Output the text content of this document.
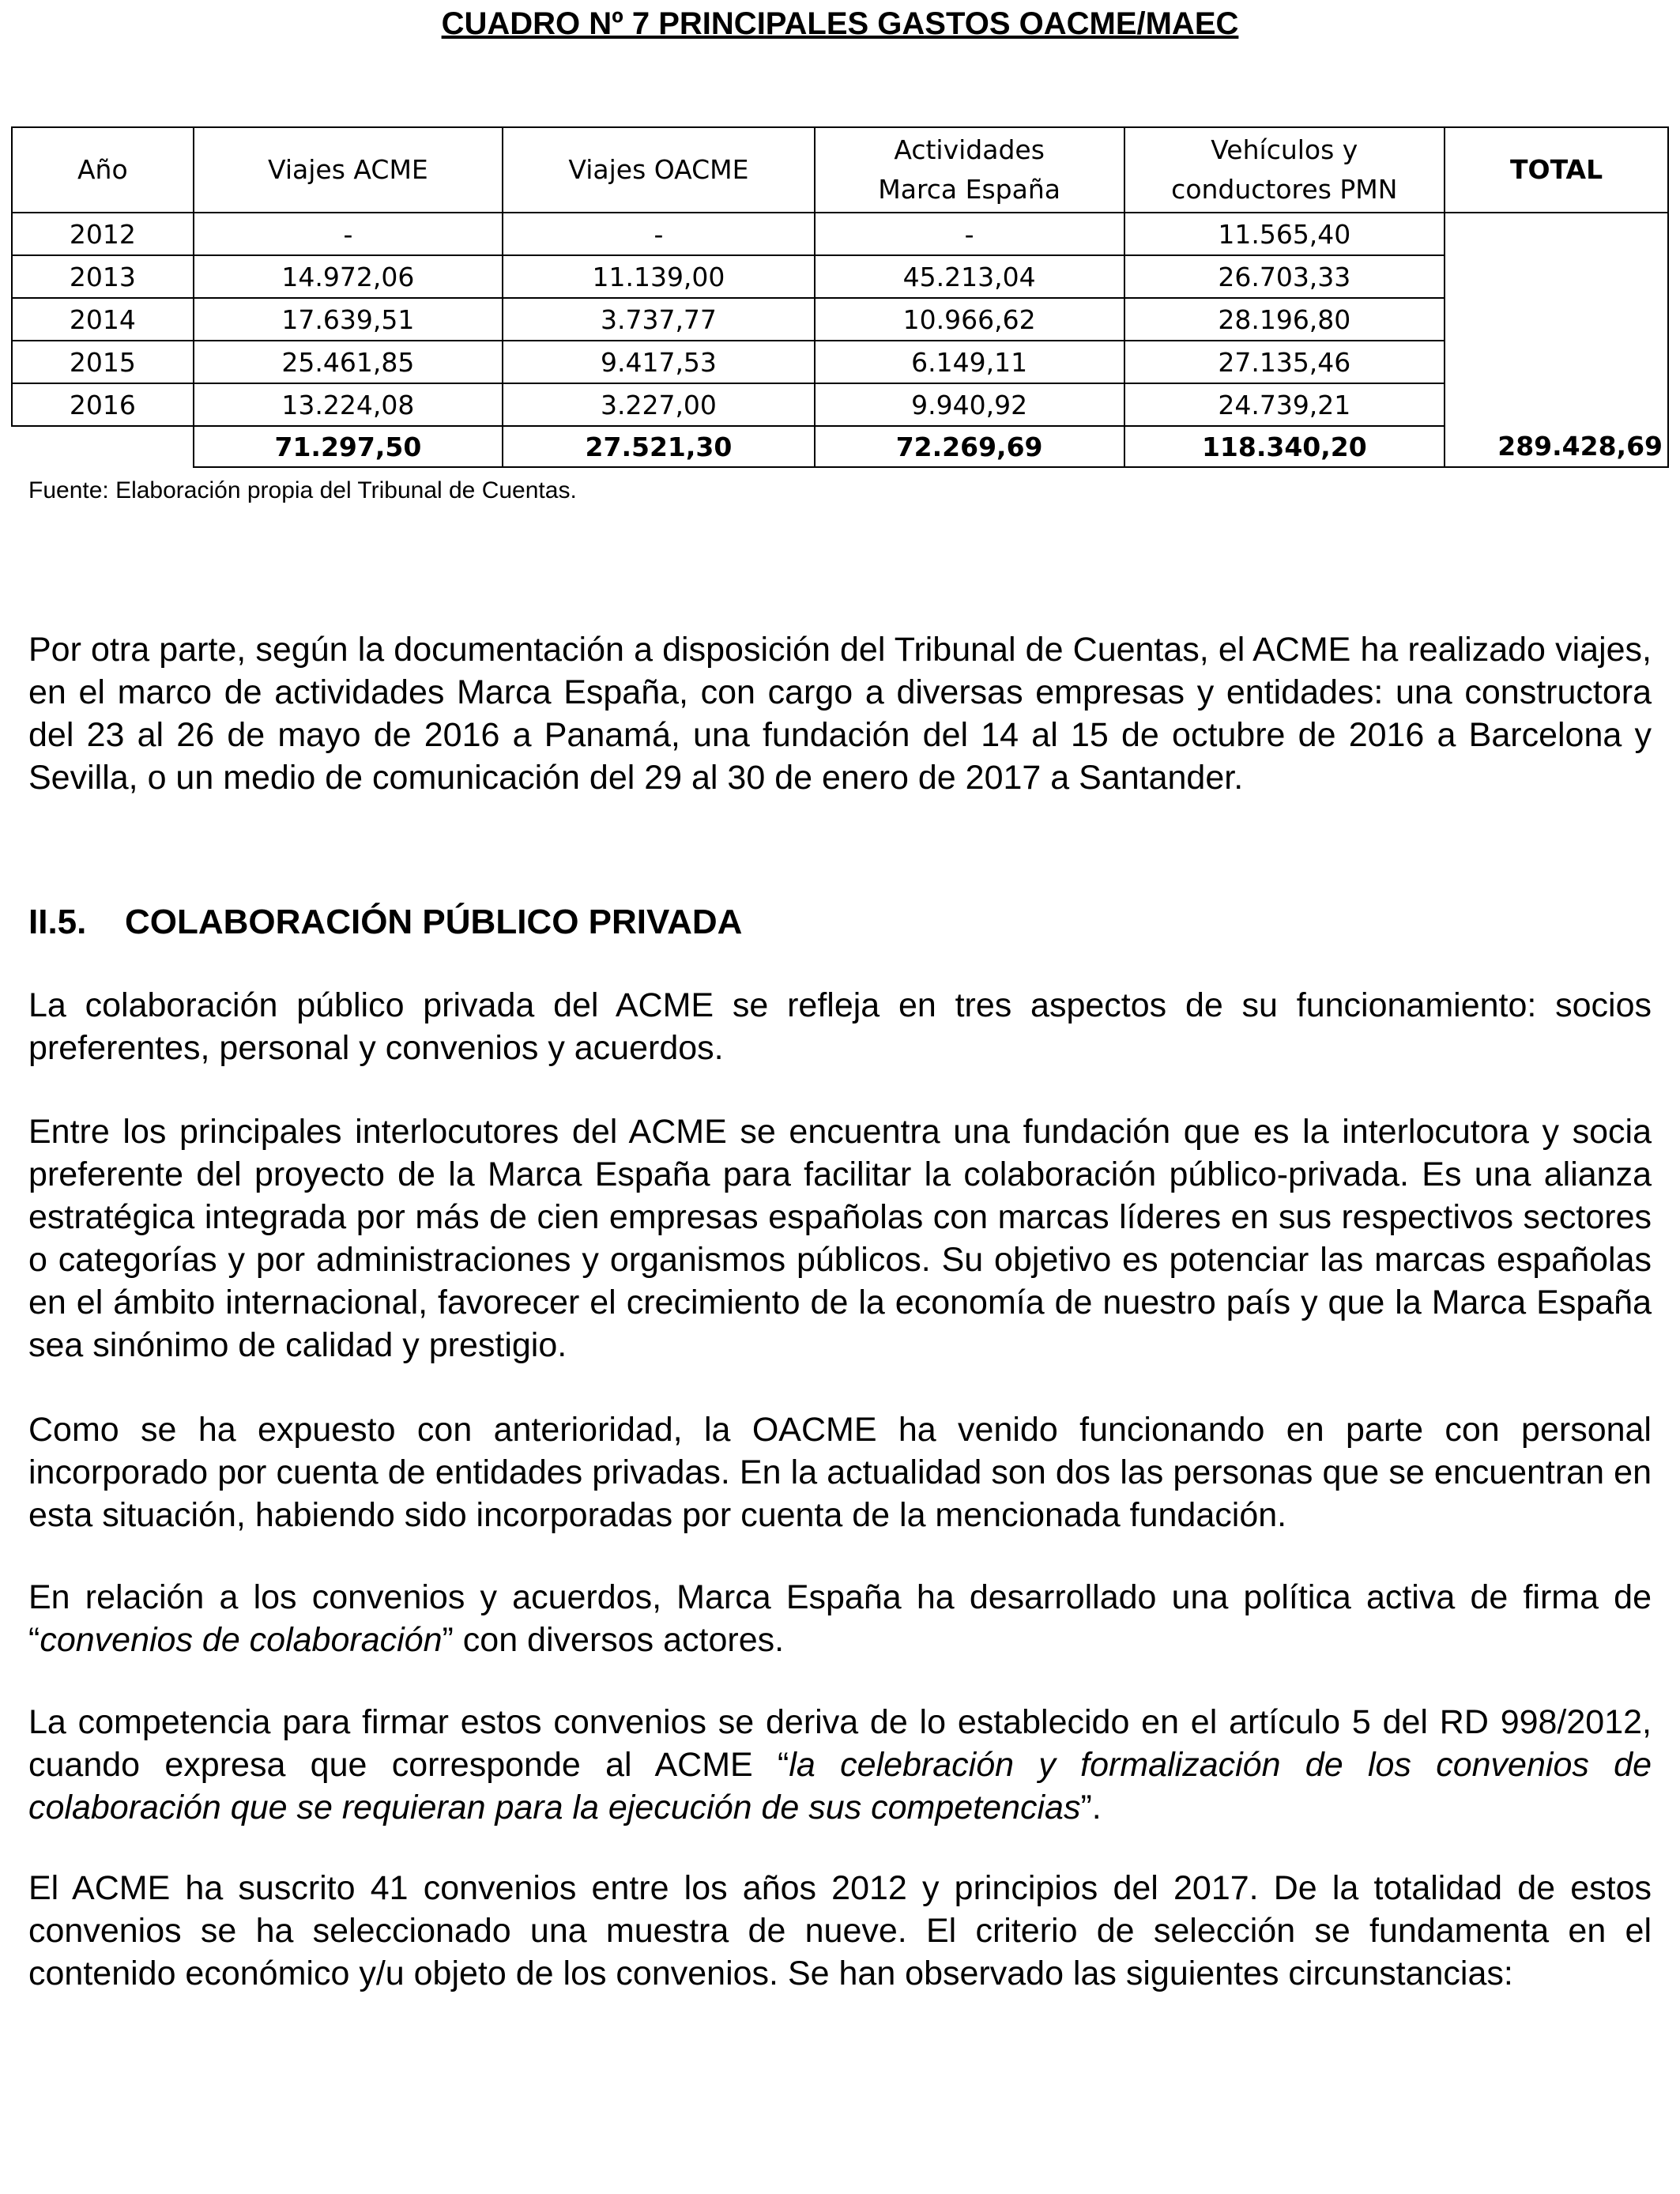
CUADRO Nº 7 PRINCIPALES GASTOS OACME/MAEC
Año	Viajes ACME	Viajes OACME	Actividades Marca España	Vehículos y conductores PMN	TOTAL
2012	-	-	-	11.565,40	
2013	14.972,06	11.139,00	45.213,04	26.703,33	
2014	17.639,51	3.737,77	10.966,62	28.196,80	
2015	25.461,85	9.417,53	6.149,11	27.135,46	
2016	13.224,08	3.227,00	9.940,92	24.739,21	
	71.297,50	27.521,30	72.269,69	118.340,20	289.428,69
Fuente: Elaboración propia del Tribunal de Cuentas.

Por otra parte, según la documentación a disposición del Tribunal de Cuentas, el ACME ha realizado viajes, en el marco de actividades Marca España, con cargo a diversas empresas y entidades: una constructora del 23 al 26 de mayo de 2016 a Panamá, una fundación del 14 al 15 de octubre de 2016 a Barcelona y Sevilla, o un medio de comunicación del 29 al 30 de enero de 2017 a Santander.

II.5. COLABORACIÓN PÚBLICO PRIVADA

La colaboración público privada del ACME se refleja en tres aspectos de su funcionamiento: socios preferentes, personal y convenios y acuerdos.

Entre los principales interlocutores del ACME se encuentra una fundación que es la interlocutora y socia preferente del proyecto de la Marca España para facilitar la colaboración público-privada. Es una alianza estratégica integrada por más de cien empresas españolas con marcas líderes en sus respectivos sectores o categorías y por administraciones y organismos públicos. Su objetivo es potenciar las marcas españolas en el ámbito internacional, favorecer el crecimiento de la economía de nuestro país y que la Marca España sea sinónimo de calidad y prestigio.

Como se ha expuesto con anterioridad, la OACME ha venido funcionando en parte con personal incorporado por cuenta de entidades privadas. En la actualidad son dos las personas que se encuentran en esta situación, habiendo sido incorporadas por cuenta de la mencionada fundación.

En relación a los convenios y acuerdos, Marca España ha desarrollado una política activa de firma de “convenios de colaboración” con diversos actores.

La competencia para firmar estos convenios se deriva de lo establecido en el artículo 5 del RD 998/2012, cuando expresa que corresponde al ACME “la celebración y formalización de los convenios de colaboración que se requieran para la ejecución de sus competencias”.

El ACME ha suscrito 41 convenios entre los años 2012 y principios del 2017. De la totalidad de estos convenios se ha seleccionado una muestra de nueve. El criterio de selección se fundamenta en el contenido económico y/u objeto de los convenios. Se han observado las siguientes circunstancias:
